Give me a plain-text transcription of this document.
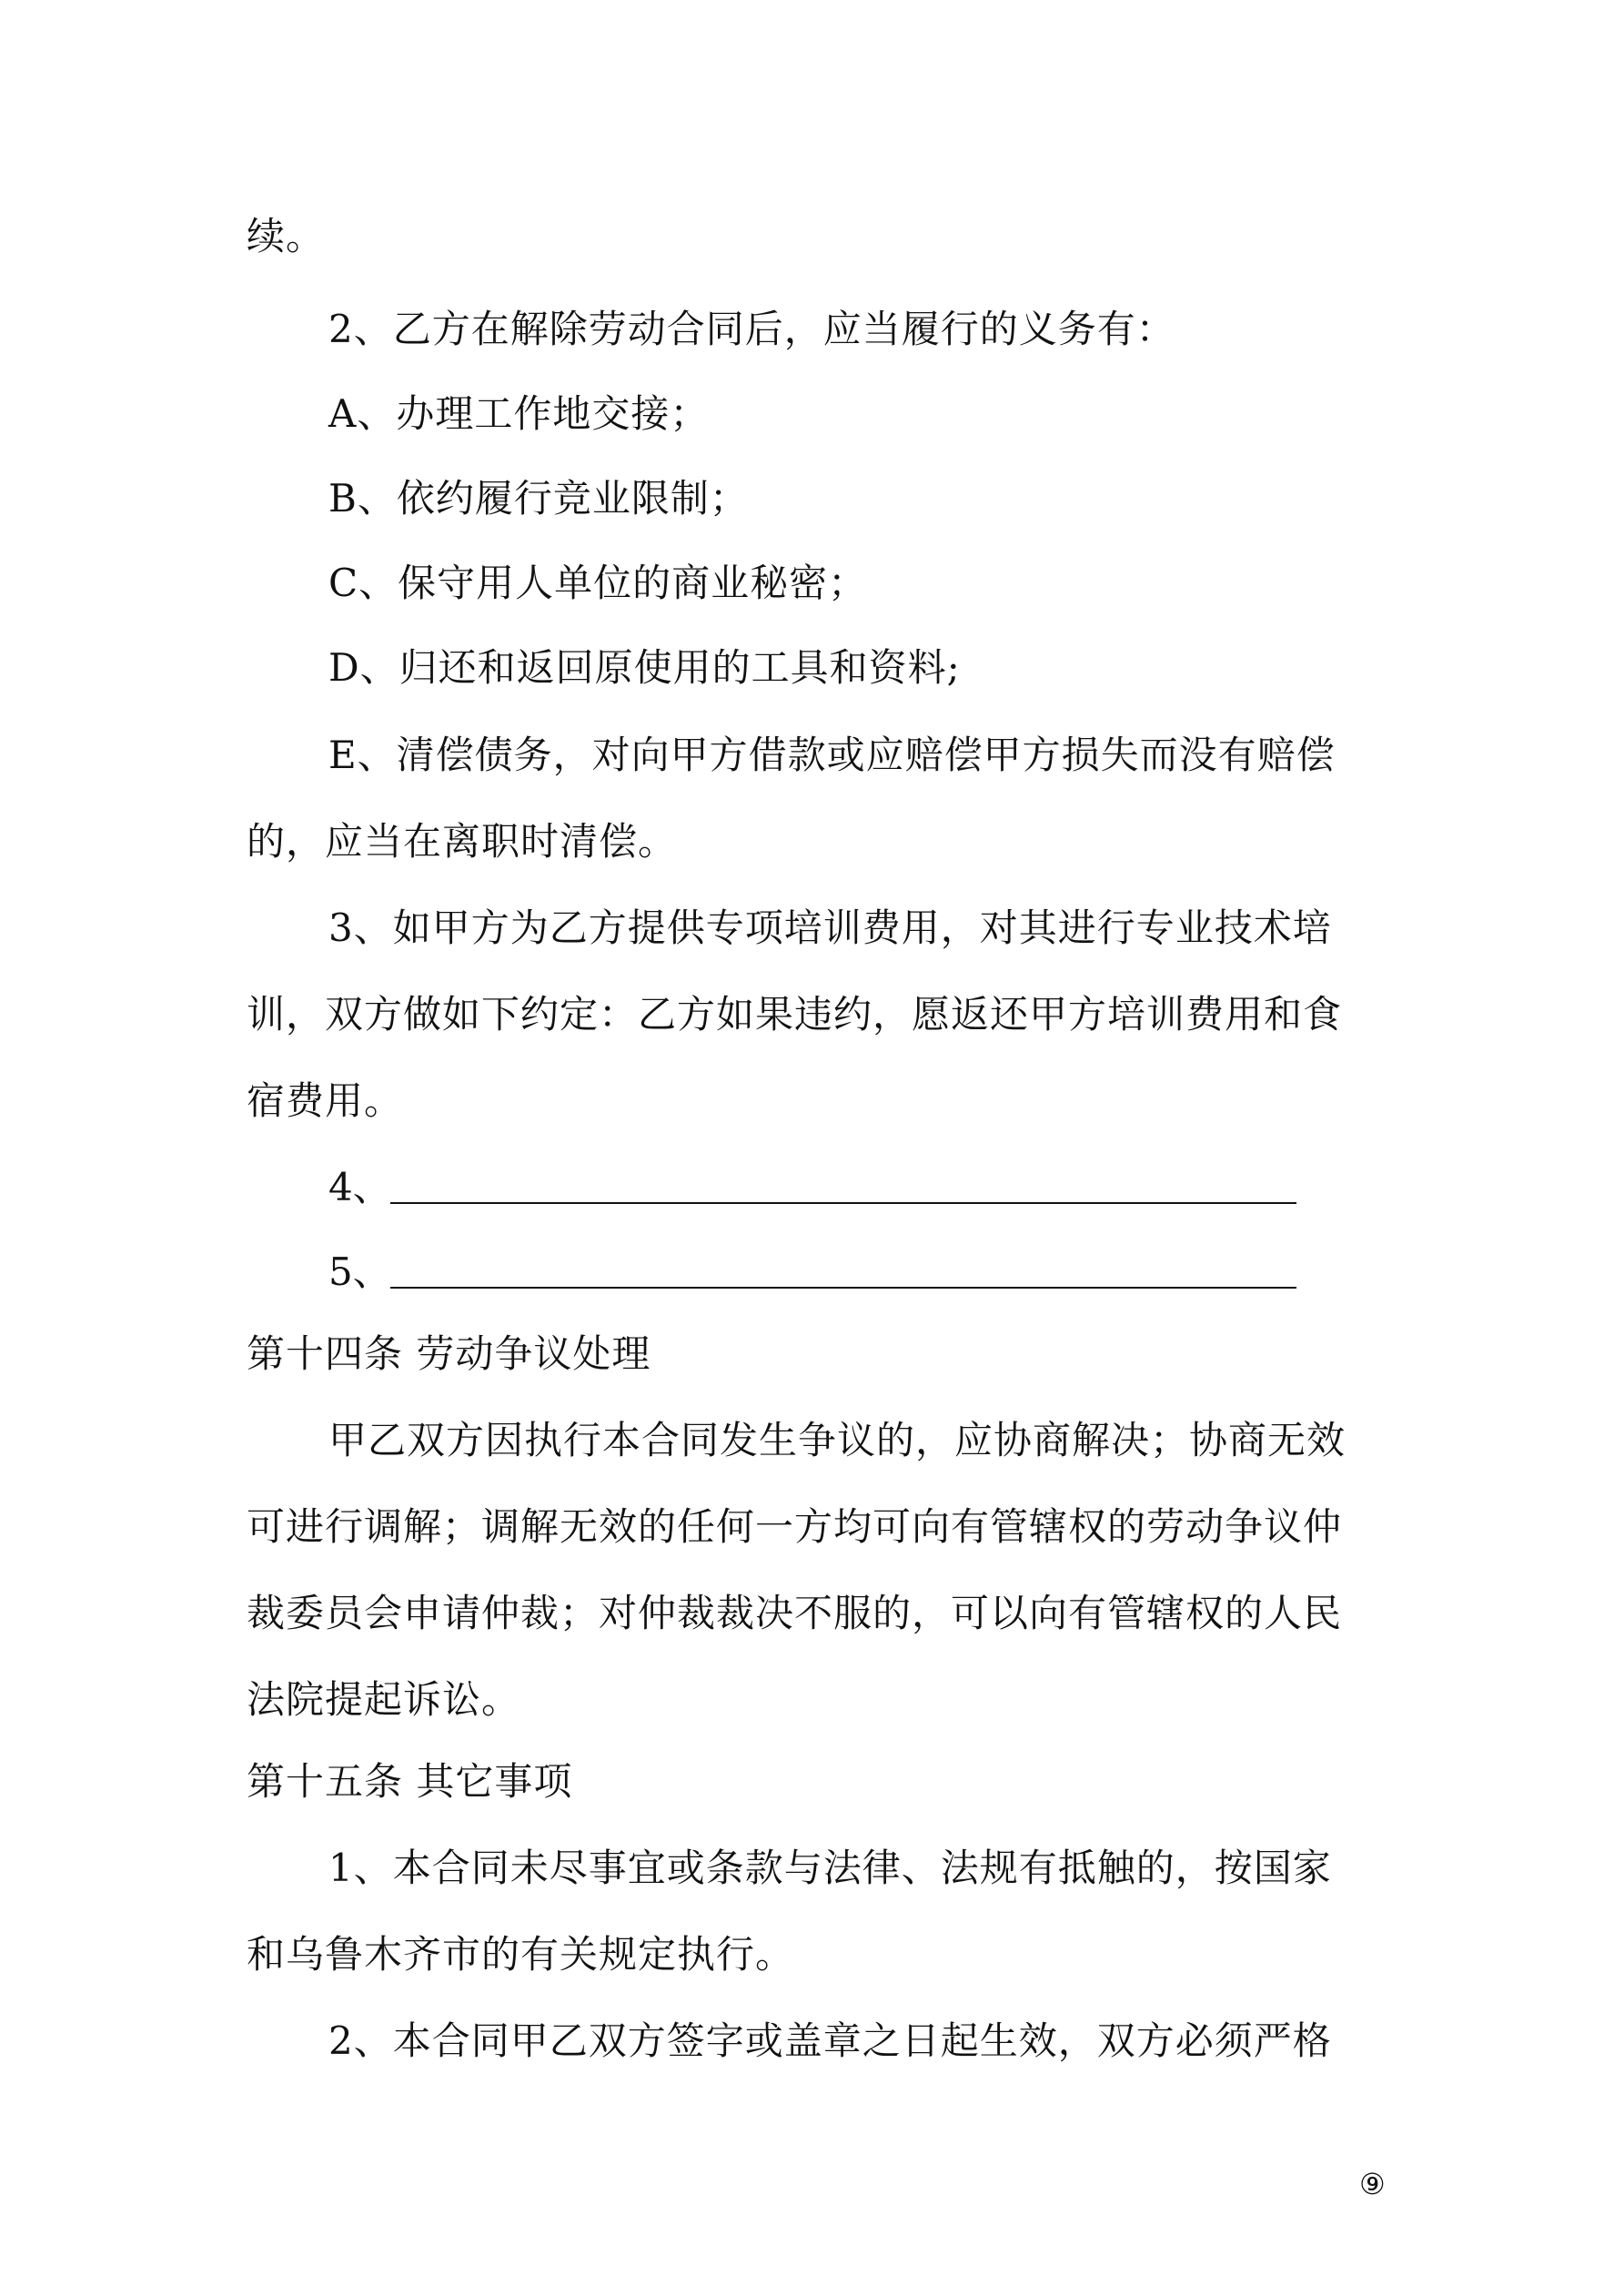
续。
2、乙方在解除劳动合同后，应当履行的义务有：
A、办理工作地交接；
B、依约履行竞业限制；
C、保守用人单位的商业秘密；
D、归还和返回原使用的工具和资料;
E、清偿债务，对向甲方借款或应赔偿甲方损失而没有赔偿
的，应当在离职时清偿。
3、如甲方为乙方提供专项培训费用，对其进行专业技术培
训，双方做如下约定：乙方如果违约，愿返还甲方培训费用和食
宿费用。
4、
5、
第十四条 劳动争议处理
甲乙双方因执行本合同发生争议的，应协商解决；协商无效
可进行调解；调解无效的任何一方均可向有管辖权的劳动争议仲
裁委员会申请仲裁；对仲裁裁决不服的，可以向有管辖权的人民
法院提起诉讼。
第十五条 其它事项
1、本合同未尽事宜或条款与法律、法规有抵触的，按国家
和乌鲁木齐市的有关规定执行。
2、本合同甲乙双方签字或盖章之日起生效，双方必须严格
⑨
